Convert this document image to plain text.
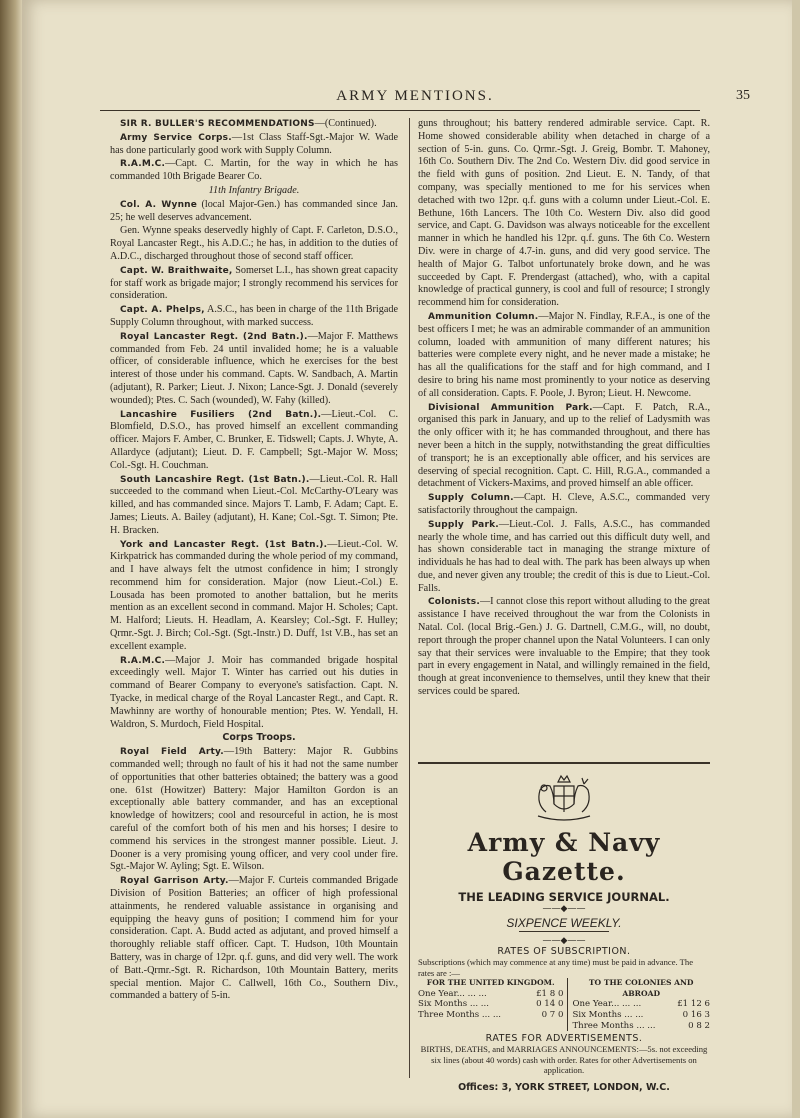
ARMY MENTIONS.	35

SIR R. BULLER'S RECOMMENDATIONS—(Continued).

Army Service Corps.—1st Class Staff-Sgt.-Major W. Wade has done particularly good work with Supply Column.

R.A.M.C.—Capt. C. Martin, for the way in which he has commanded 10th Brigade Bearer Co.

11th Infantry Brigade.

Col. A. Wynne (local Major-Gen.) has commanded since Jan. 25; he well deserves advancement.

Gen. Wynne speaks deservedly highly of Capt. F. Carleton, D.S.O., Royal Lancaster Regt., his A.D.C.; he has, in addition to the duties of A.D.C., discharged throughout those of second staff officer.

Capt. W. Braithwaite, Somerset L.I., has shown great capacity for staff work as brigade major; I strongly recommend his services for consideration.

Capt. A. Phelps, A.S.C., has been in charge of the 11th Brigade Supply Column throughout, with marked success.

Royal Lancaster Regt. (2nd Batn.).—Major F. Matthews commanded from Feb. 24 until invalided home; he is a valuable officer, of considerable influence, which he exercises for the best interest of those under his command. Capts. W. Sandbach, A. Martin (adjutant), R. Parker; Lieut. J. Nixon; Lance-Sgt. J. Donald (severely wounded); Ptes. C. Sach (wounded), W. Fahy (killed).

Lancashire Fusiliers (2nd Batn.).—Lieut.-Col. C. Blomfield, D.S.O., has proved himself an excellent commanding officer. Majors F. Amber, C. Brunker, E. Tidswell; Capts. J. Whyte, A. Allardyce (adjutant); Lieut. D. F. Campbell; Sgt.-Major W. Moss; Col.-Sgt. H. Couchman.

South Lancashire Regt. (1st Batn.).—Lieut.-Col. R. Hall succeeded to the command when Lieut.-Col. McCarthy-O'Leary was killed, and has commanded since. Majors T. Lamb, F. Adam; Capt. E. James; Lieuts. A. Bailey (adjutant), H. Kane; Col.-Sgt. T. Simon; Pte. H. Bracken.

York and Lancaster Regt. (1st Batn.).—Lieut.-Col. W. Kirkpatrick has commanded during the whole period of my command, and I have always felt the utmost confidence in him; I strongly recommend him for consideration. Major (now Lieut.-Col.) E. Lousada has been promoted to another battalion, but he merits mention as an excellent second in command. Major H. Scholes; Capt. M. Halford; Lieuts. H. Headlam, A. Kearsley; Col.-Sgt. F. Hulley; Qrmr.-Sgt. J. Birch; Col.-Sgt. (Sgt.-Instr.) D. Duff, 1st V.B., has set an excellent example.

R.A.M.C.—Major J. Moir has commanded brigade hospital exceedingly well. Major T. Winter has carried out his duties in command of Bearer Company to everyone's satisfaction. Capt. N. Tyacke, in medical charge of the Royal Lancaster Regt., and Capt. R. Mawhinny are worthy of honourable mention; Ptes. W. Yendall, H. Waldron, S. Murdoch, Field Hospital.

Corps Troops.

Royal Field Arty.—19th Battery: Major R. Gubbins commanded well; through no fault of his it had not the same number of opportunities that other batteries obtained; the battery was a good one. 61st (Howitzer) Battery: Major Hamilton Gordon is an exceptionally able battery commander, and has an exceptional knowledge of howitzers; cool and resourceful in action, he is most careful of the comfort both of his men and his horses; I desire to commend his services in the strongest manner possible. Lieut. J. Dooner is a very promising young officer, and very cool under fire. Sgt.-Major W. Ayling; Sgt. E. Wilson.

Royal Garrison Arty.—Major F. Curteis commanded Brigade Division of Position Batteries; an officer of high professional attainments, he rendered valuable assistance in organising and equipping the heavy guns of position; I commend him for your consideration. Capt. A. Budd acted as adjutant, and proved himself a thoroughly reliable staff officer. Capt. T. Hudson, 10th Mountain Battery, was in charge of 12pr. q.f. guns, and did very well. The work of Batt.-Qrmr.-Sgt. R. Richardson, 10th Mountain Battery, merits special mention. Major C. Callwell, 16th Co., Southern Div., commanded a battery of 5-in.

guns throughout; his battery rendered admirable service. Capt. R. Home showed considerable ability when detached in charge of a section of 5-in. guns. Co. Qrmr.-Sgt. J. Greig, Bombr. T. Mahoney, 16th Co. Southern Div. The 2nd Co. Western Div. did good service in the field with guns of position. 2nd Lieut. E. N. Tandy, of that company, was specially mentioned to me for his services when detached with two 12pr. q.f. guns with a column under Lieut.-Col. E. Bethune, 16th Lancers. The 10th Co. Western Div. also did good service, and Capt. G. Davidson was always noticeable for the excellent manner in which he handled his 12pr. q.f. guns. The 6th Co. Western Div. were in charge of 4.7-in. guns, and did very good service. The health of Major G. Talbot unfortunately broke down, and he was succeeded by Capt. F. Prendergast (attached), who, with a capital knowledge of practical gunnery, is cool and full of resource; I strongly recommend him for consideration.

Ammunition Column.—Major N. Findlay, R.F.A., is one of the best officers I met; he was an admirable commander of an ammunition column, loaded with ammunition of many different natures; his batteries were complete every night, and he never made a mistake; he has all the qualifications for the staff and for high command, and I desire to bring his name most prominently to your notice as deserving of all consideration. Capts. F. Poole, J. Byron; Lieut. H. Newcome.

Divisional Ammunition Park.—Capt. F. Patch, R.A., organised this park in January, and up to the relief of Ladysmith was the only officer with it; he has commanded throughout, and there has never been a hitch in the supply, notwithstanding the great difficulties of transport; he is an exceptionally able officer, and his services are deserving of special recognition. Capt. C. Hill, R.G.A., commanded a detachment of Vickers-Maxims, and proved himself an able officer.

Supply Column.—Capt. H. Cleve, A.S.C., commanded very satisfactorily throughout the campaign.

Supply Park.—Lieut.-Col. J. Falls, A.S.C., has commanded nearly the whole time, and has carried out this difficult duty well, and has shown considerable tact in managing the strange mixture of individuals he has had to deal with. The park has been always up when due, and never given any trouble; the credit of this is due to Lieut.-Col. Falls.

Colonists.—I cannot close this report without alluding to the great assistance I have received throughout the war from the Colonists in Natal. Col. (local Brig.-Gen.) J. G. Dartnell, C.M.G., will, no doubt, report through the proper channel upon the Natal Volunteers. I can only say that their services were invaluable to the Empire; that they took part in every engagement in Natal, and willingly remained in the field, though at great inconvenience to themselves, until they knew that their services could be spared.

Army & Navy Gazette.
THE LEADING SERVICE JOURNAL.
——◆——
SIXPENCE WEEKLY.
——◆——
RATES OF SUBSCRIPTION.
Subscriptions (which may commence at any time) must be paid in advance. The rates are :—
FOR THE UNITED KINGDOM.
One Year... ... ...	£1 8 0
Six Months ... ...	0 14 0
Three Months ... ...	0 7 0
TO THE COLONIES AND ABROAD
One Year... ... ...	£1 12 6
Six Months ... ...	0 16 3
Three Months ... ...	0 8 2
RATES FOR ADVERTISEMENTS.
BIRTHS, DEATHS, and MARRIAGES ANNOUNCEMENTS:—5s. not exceeding six lines (about 40 words) cash with order. Rates for other Advertisements on application.
Offices: 3, YORK STREET, LONDON, W.C.
